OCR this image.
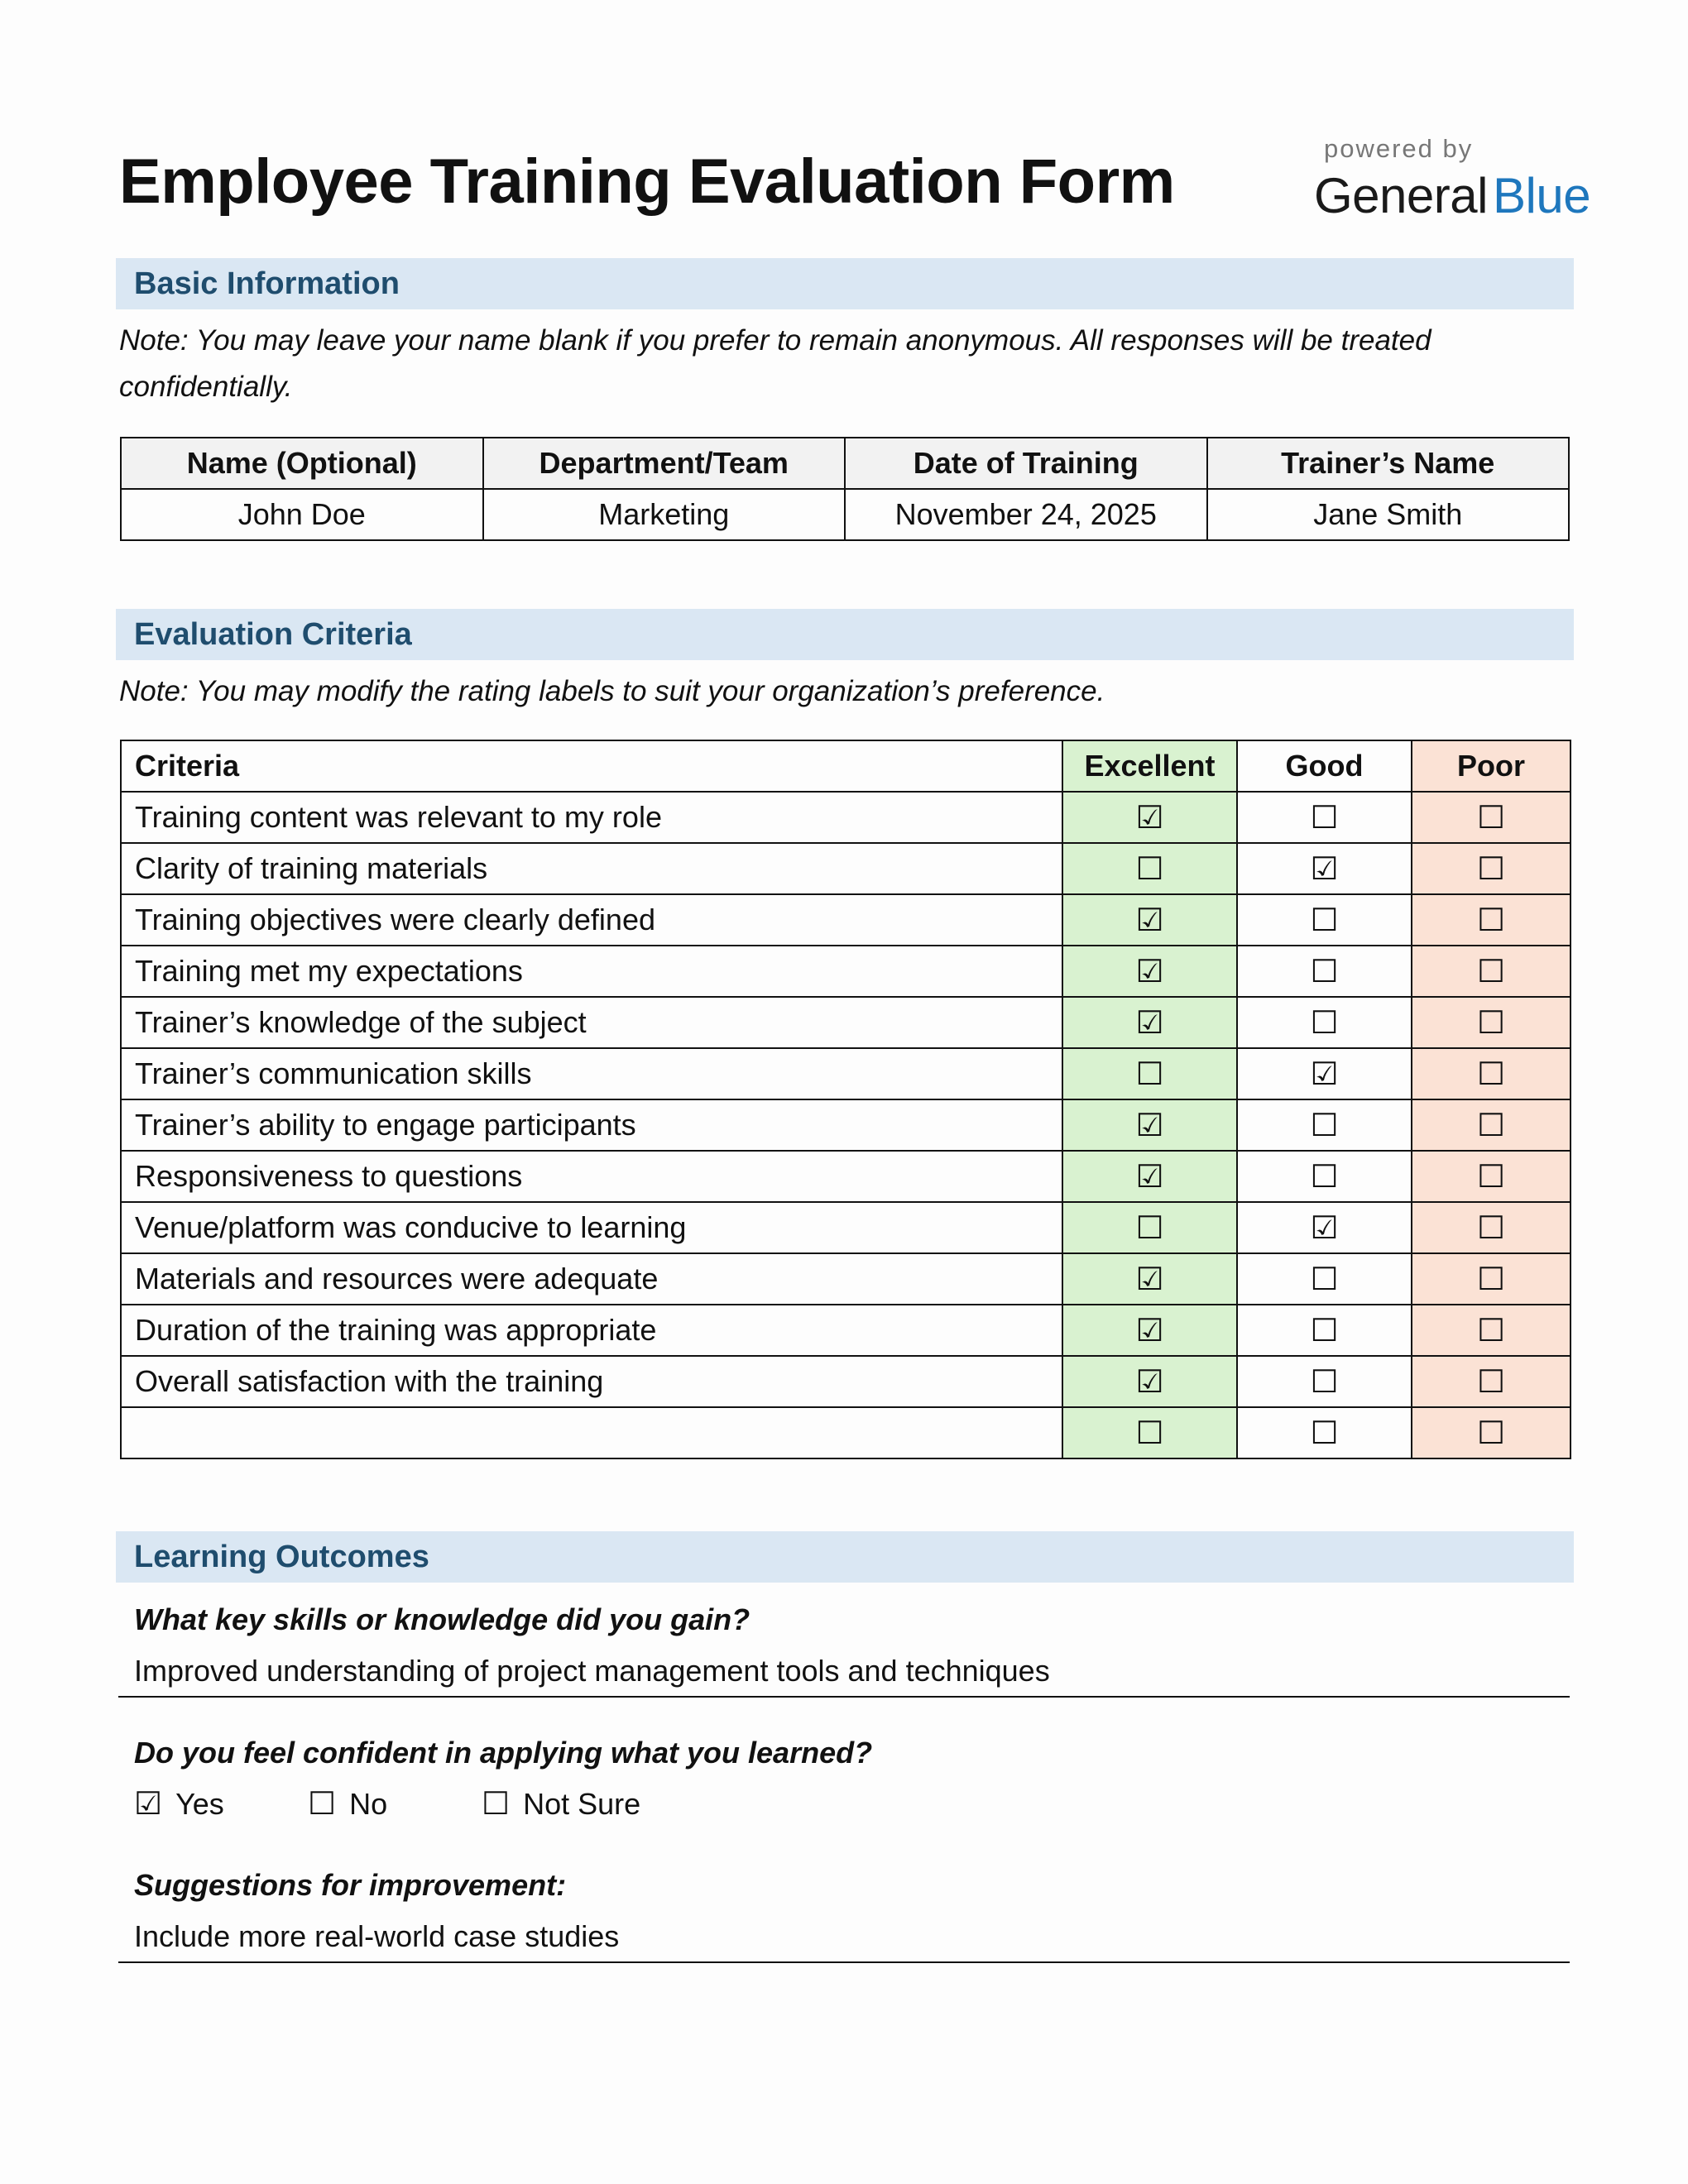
Employee Training Evaluation Form	powered by
General Blue
Basic Information
Note: You may leave your name blank if you prefer to remain anonymous. All responses will be treated confidentially.
Name (Optional)	Department/Team	Date of Training	Trainer’s Name
John Doe	Marketing	November 24, 2025	Jane Smith
Evaluation Criteria
Note: You may modify the rating labels to suit your organization’s preference.
Criteria	Excellent	Good	Poor
Training content was relevant to my role	☑	☐	☐
Clarity of training materials	☐	☑	☐
Training objectives were clearly defined	☑	☐	☐
Training met my expectations	☑	☐	☐
Trainer’s knowledge of the subject	☑	☐	☐
Trainer’s communication skills	☐	☑	☐
Trainer’s ability to engage participants	☑	☐	☐
Responsiveness to questions	☑	☐	☐
Venue/platform was conducive to learning	☐	☑	☐
Materials and resources were adequate	☑	☐	☐
Duration of the training was appropriate	☑	☐	☐
Overall satisfaction with the training	☑	☐	☐
	☐	☐	☐
Learning Outcomes
What key skills or knowledge did you gain?
Improved understanding of project management tools and techniques
Do you feel confident in applying what you learned?
☑ Yes	☐ No	☐ Not Sure
Suggestions for improvement:
Include more real-world case studies
